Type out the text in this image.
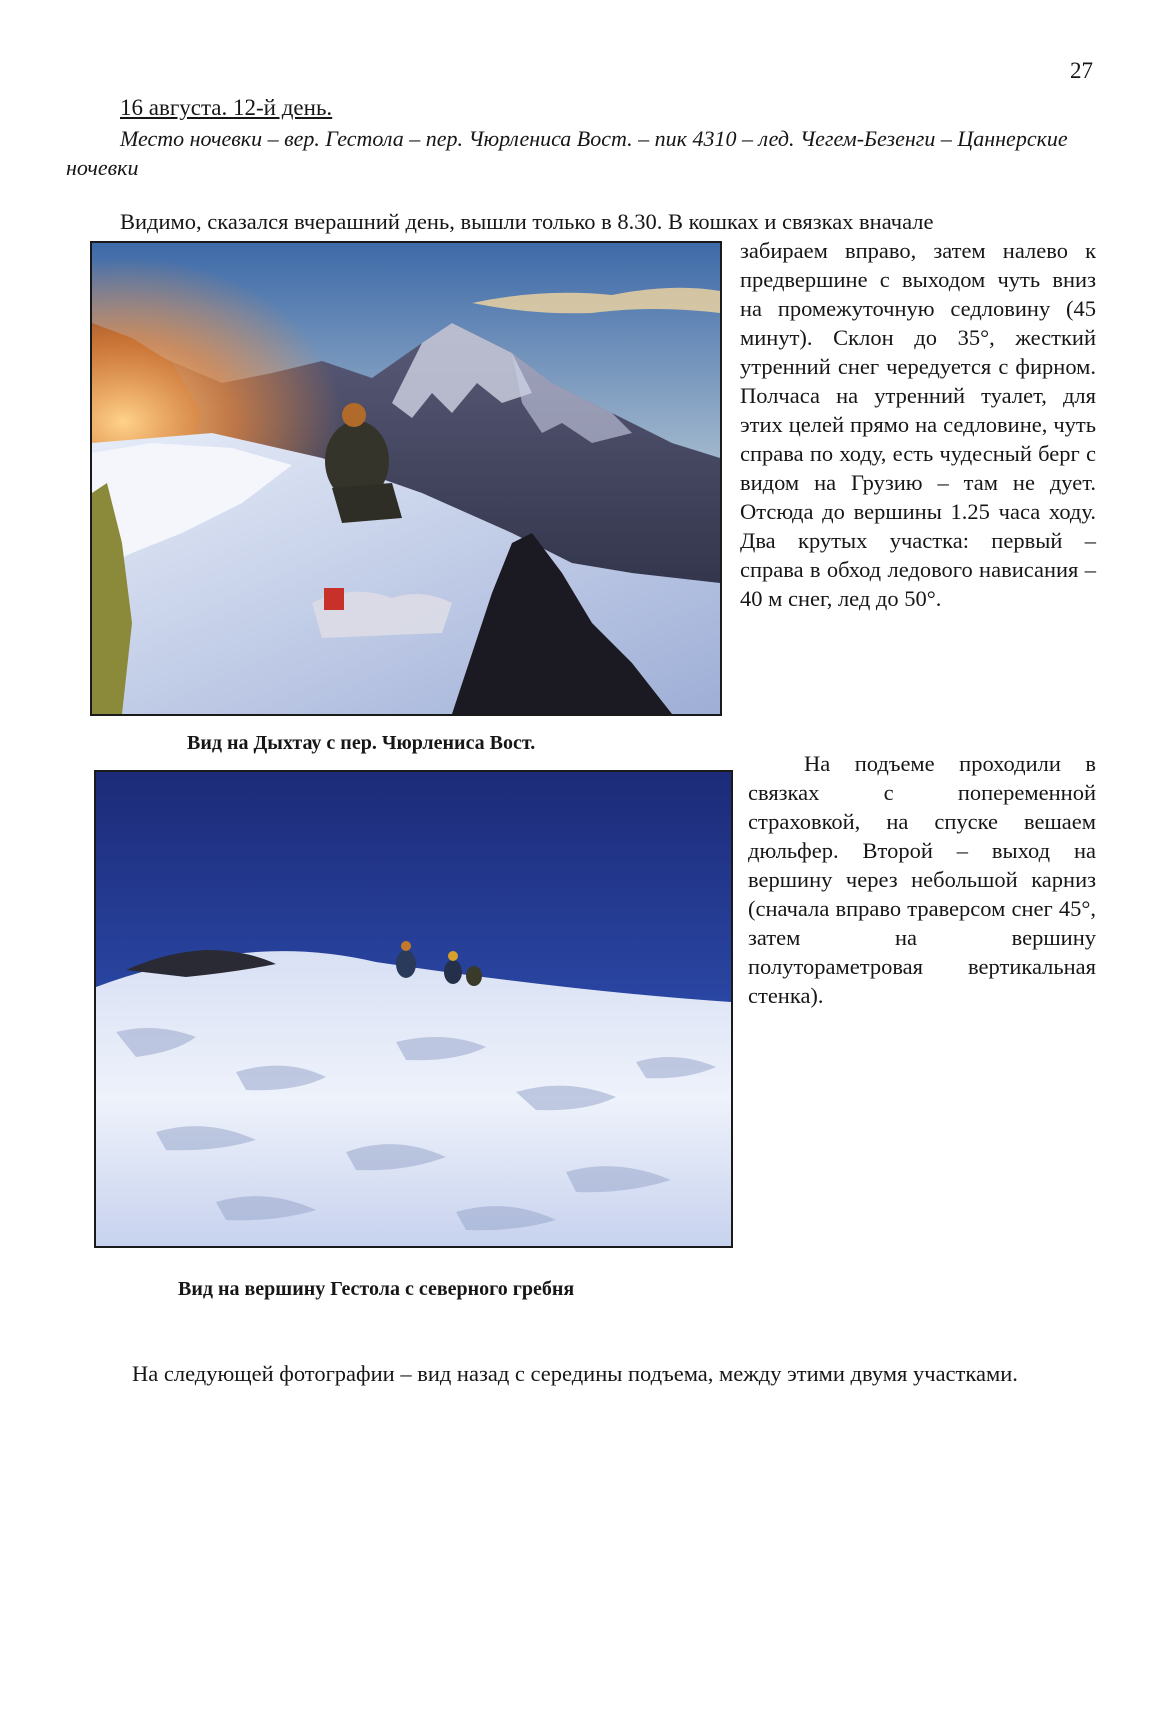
27
16 августа. 12-й день.
Место ночевки – вер. Гестола – пер. Чюрлениса Вост. – пик 4310 – лед. Чегем-Безенги – Цаннерские ночевки
Видимо, сказался вчерашний день, вышли только в 8.30. В кошках и связках вначале
забираем вправо, затем налево к предвершине с выходом чуть вниз на промежуточную седловину (45 минут). Склон до 35°, жесткий утренний снег чередуется с фирном. Полчаса на утренний туалет, для этих целей прямо на седловине, чуть справа по ходу, есть чудесный берг с видом на Грузию – там не дует. Отсюда до вершины 1.25 часа ходу. Два крутых участка: первый – справа в обход ледового нависания – 40 м снег, лед до 50°.
Вид на Дыхтау с пер. Чюрлениса Вост.
На подъеме проходили в связках с попеременной страховкой, на спуске вешаем дюльфер. Второй – выход на вершину через небольшой карниз (сначала вправо траверсом снег 45°, затем на вершину полутораметровая вертикальная стенка).
Вид на вершину Гестола с северного гребня
На следующей фотографии – вид назад с середины подъема, между этими двумя участками.
